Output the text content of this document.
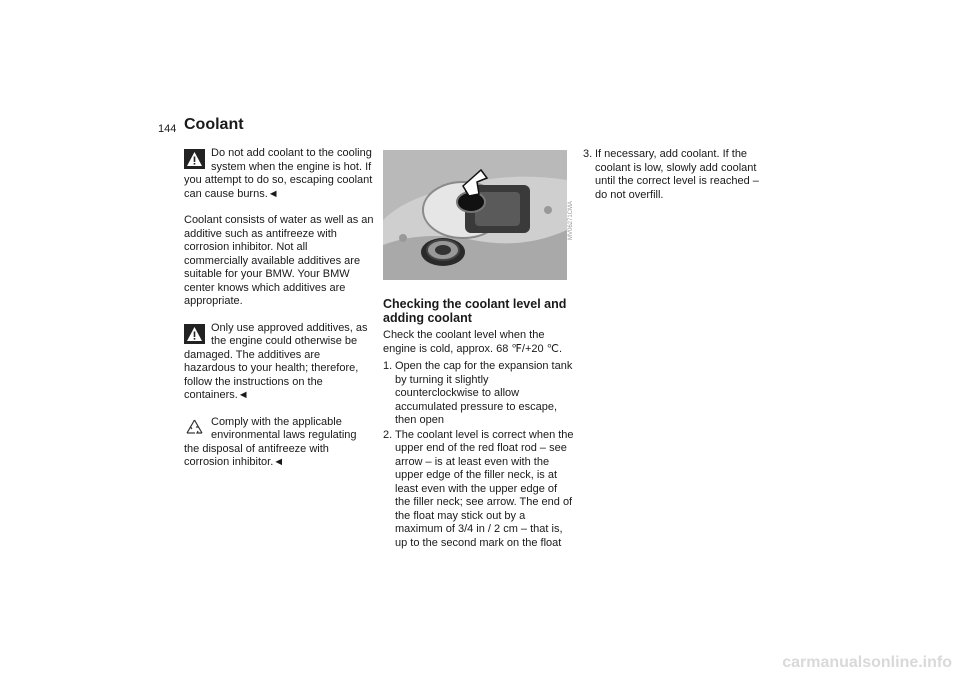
144 Coolant
Do not add coolant to the cooling system when the engine is hot. If you attempt to do so, escaping coolant can cause burns.◄

Coolant consists of water as well as an additive such as antifreeze with corrosion inhibitor. Not all commercially available additives are suitable for your BMW. Your BMW center knows which additives are appropriate.

Only use approved additives, as the engine could otherwise be damaged. The additives are hazardous to your health; therefore, follow the instructions on the containers.◄
Comply with the applicable environmental laws regulating the disposal of antifreeze with corrosion inhibitor.◄
MV06271CMA
Checking the coolant level and adding coolant

Check the coolant level when the engine is cold, approx. 68 ℉/+20 ℃.

1. Open the cap for the expansion tank by turning it slightly counterclockwise to allow accumulated pressure to escape, then open
2. The coolant level is correct when the upper end of the red float rod – see arrow – is at least even with the upper edge of the filler neck, is at least even with the upper edge of the filler neck; see arrow. The end of the float may stick out by a maximum of 3/4 in / 2 cm – that is, up to the second mark on the float
3. If necessary, add coolant. If the coolant is low, slowly add coolant until the correct level is reached – do not overfill.
carmanualsonline.info
